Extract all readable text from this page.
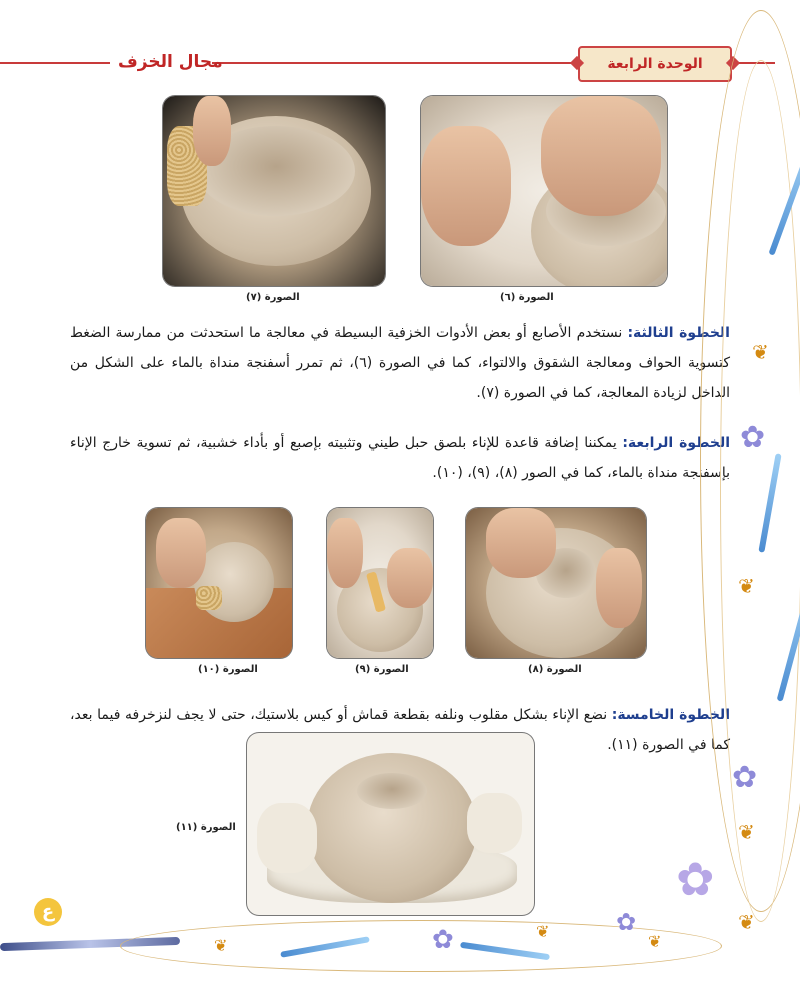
مجال الخزف	الوحدة الرابعة
الصورة (٧)	الصورة (٦)
الخطوة الثالثة: نستخدم الأصابع أو بعض الأدوات الخزفية البسيطة في معالجة ما استحدثت من ممارسة الضغط كتسوية الحواف ومعالجة الشقوق والالتواء، كما في الصورة (٦)، ثم تمرر أسفنجة منداة بالماء على الشكل من الداخل لزيادة المعالجة، كما في الصورة (٧).
الخطوة الرابعة: يمكننا إضافة قاعدة للإناء بلصق حبل طيني وتثبيته بإصبع أو بأداء خشبية، ثم تسوية خارج الإناء بإسفنجة منداة بالماء، كما في الصور (٨)، (٩)، (١٠).
الصورة (١٠)	الصورة (٩)	الصورة (٨)
الخطوة الخامسة: نضع الإناء بشكل مقلوب ونلفه بقطعة قماش أو كيس بلاستيك، حتى لا يجف لنزخرفه فيما بعد، كما في الصورة (١١).
الصورة (١١)
❦
❦
❦
❦
✿
✿
✿
✿
✿
❦
❦
❦
ع
